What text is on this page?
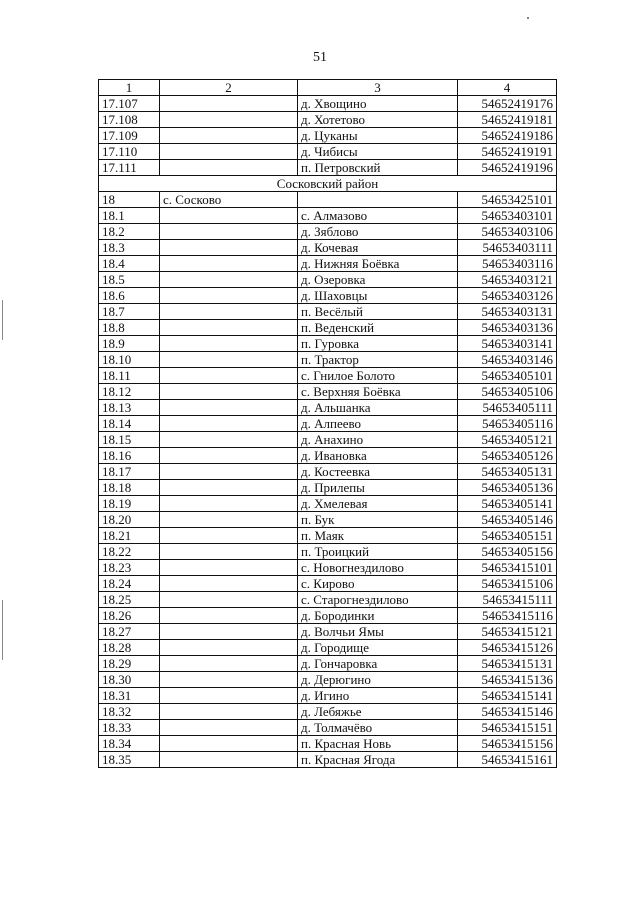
51
1	2	3	4
17.107		д. Хвощино	54652419176
17.108		д. Хотетово	54652419181
17.109		д. Цуканы	54652419186
17.110		д. Чибисы	54652419191
17.111		п. Петровский	54652419196
Сосковский район			
18	с. Сосково		54653425101
18.1		с. Алмазово	54653403101
18.2		д. Зяблово	54653403106
18.3		д. Кочевая	54653403111
18.4		д. Нижняя Боёвка	54653403116
18.5		д. Озеровка	54653403121
18.6		д. Шаховцы	54653403126
18.7		п. Весёлый	54653403131
18.8		п. Веденский	54653403136
18.9		п. Гуровка	54653403141
18.10		п. Трактор	54653403146
18.11		с. Гнилое Болото	54653405101
18.12		с. Верхняя Боёвка	54653405106
18.13		д. Альшанка	54653405111
18.14		д. Алпеево	54653405116
18.15		д. Анахино	54653405121
18.16		д. Ивановка	54653405126
18.17		д. Костеевка	54653405131
18.18		д. Прилепы	54653405136
18.19		д. Хмелевая	54653405141
18.20		п. Бук	54653405146
18.21		п. Маяк	54653405151
18.22		п. Троицкий	54653405156
18.23		с. Новогнездилово	54653415101
18.24		с. Кирово	54653415106
18.25		с. Старогнездилово	54653415111
18.26		д. Бородинки	54653415116
18.27		д. Волчьи Ямы	54653415121
18.28		д. Городище	54653415126
18.29		д. Гончаровка	54653415131
18.30		д. Дерюгино	54653415136
18.31		д. Игино	54653415141
18.32		д. Лебяжье	54653415146
18.33		д. Толмачёво	54653415151
18.34		п. Красная Новь	54653415156
18.35		п. Красная Ягода	54653415161
